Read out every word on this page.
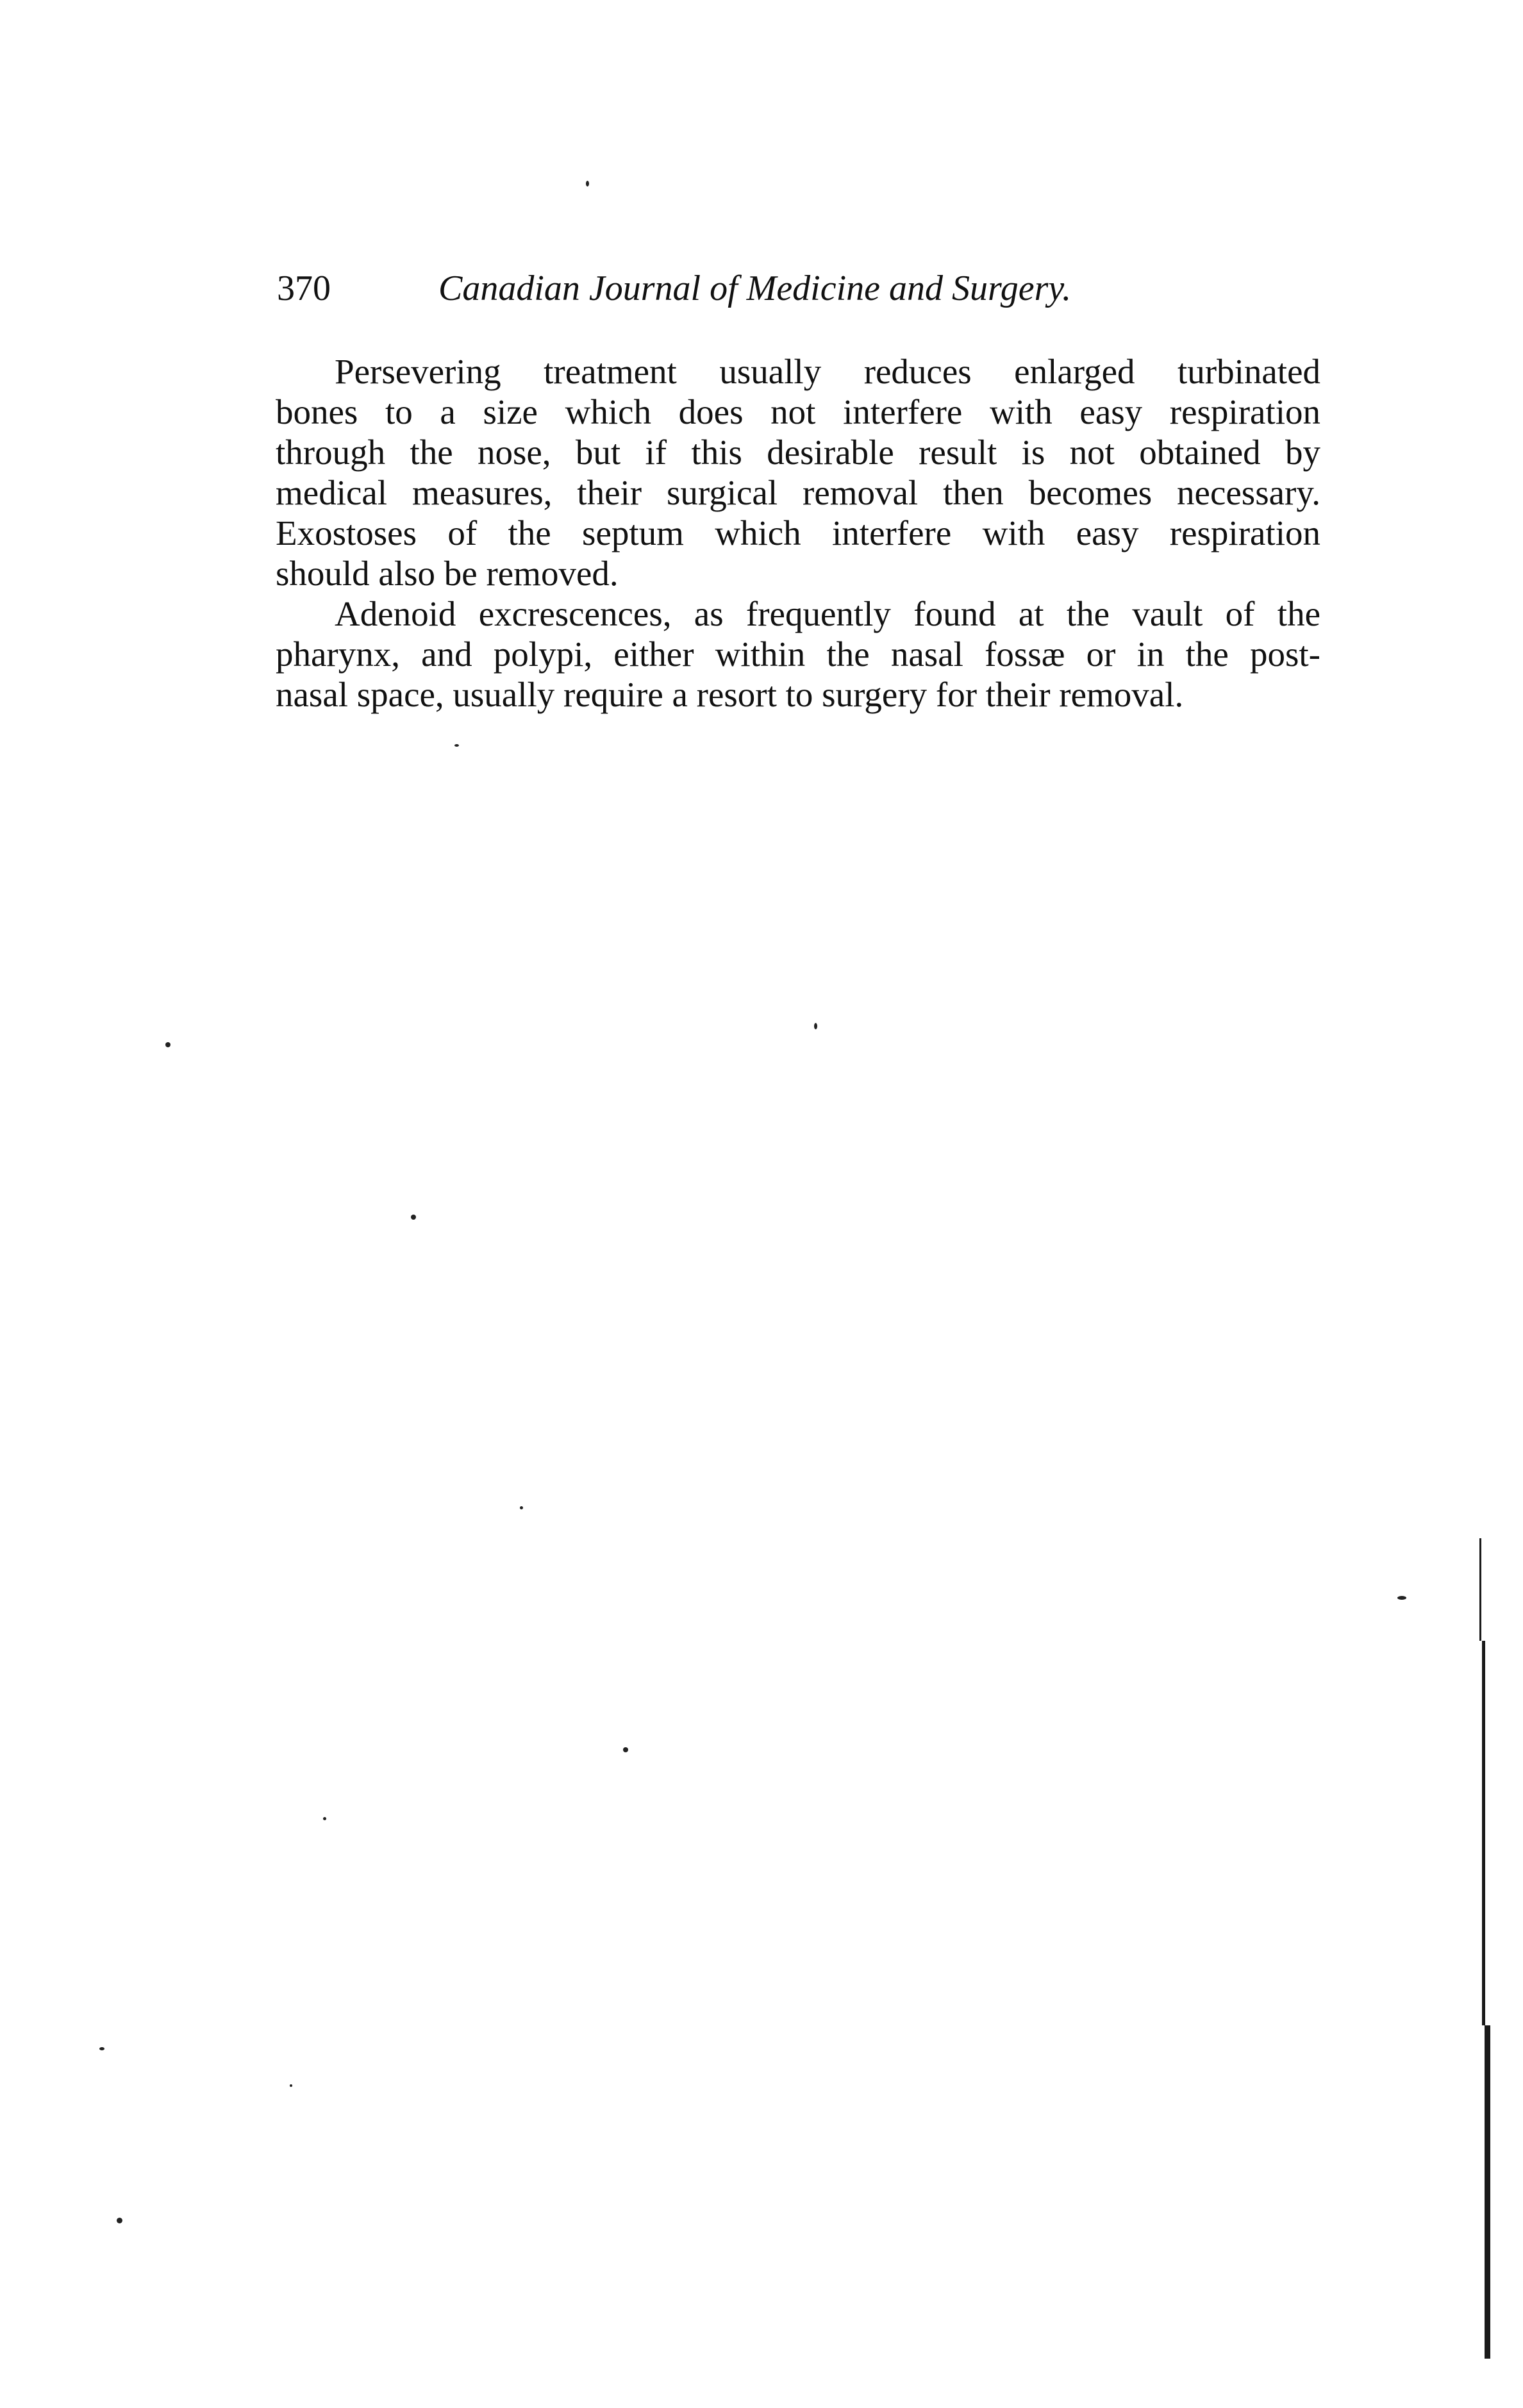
370	Canadian Journal of Medicine and Surgery.
Persevering treatment usually reduces enlarged turbinated
bones to a size which does not interfere with easy respiration
through the nose, but if this desirable result is not obtained by
medical measures, their surgical removal then becomes necessary.
Exostoses of the septum which interfere with easy respiration
should also be removed.
Adenoid excrescences, as frequently found at the vault of the
pharynx, and polypi, either within the nasal fossæ or in the post-
nasal space, usually require a resort to surgery for their removal.
